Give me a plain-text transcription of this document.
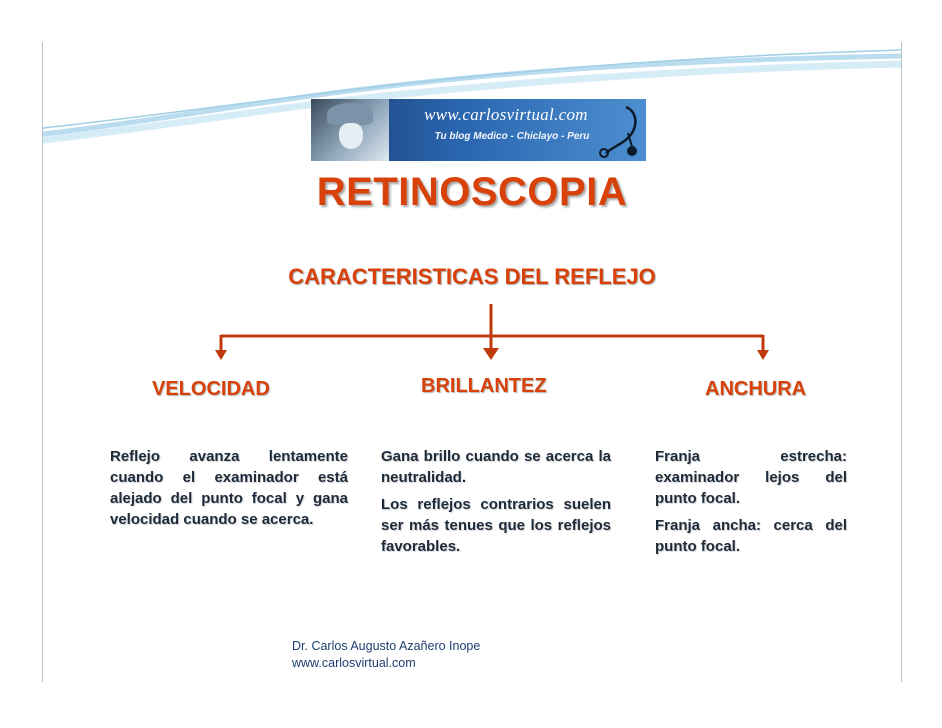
www.carlosvirtual.com
Tu blog Medico - Chiclayo - Peru
RETINOSCOPIA
CARACTERISTICAS DEL REFLEJO
VELOCIDAD	BRILLANTEZ	ANCHURA

Reflejo avanza lentamente cuando el examinador está alejado del punto focal y gana velocidad cuando se acerca.

Gana brillo cuando se acerca la neutralidad.

Los reflejos contrarios suelen ser más tenues que los reflejos favorables.

Franja estrecha: examinador lejos del punto focal.

Franja ancha: cerca del punto focal.

Dr. Carlos Augusto Azañero Inope
www.carlosvirtual.com
